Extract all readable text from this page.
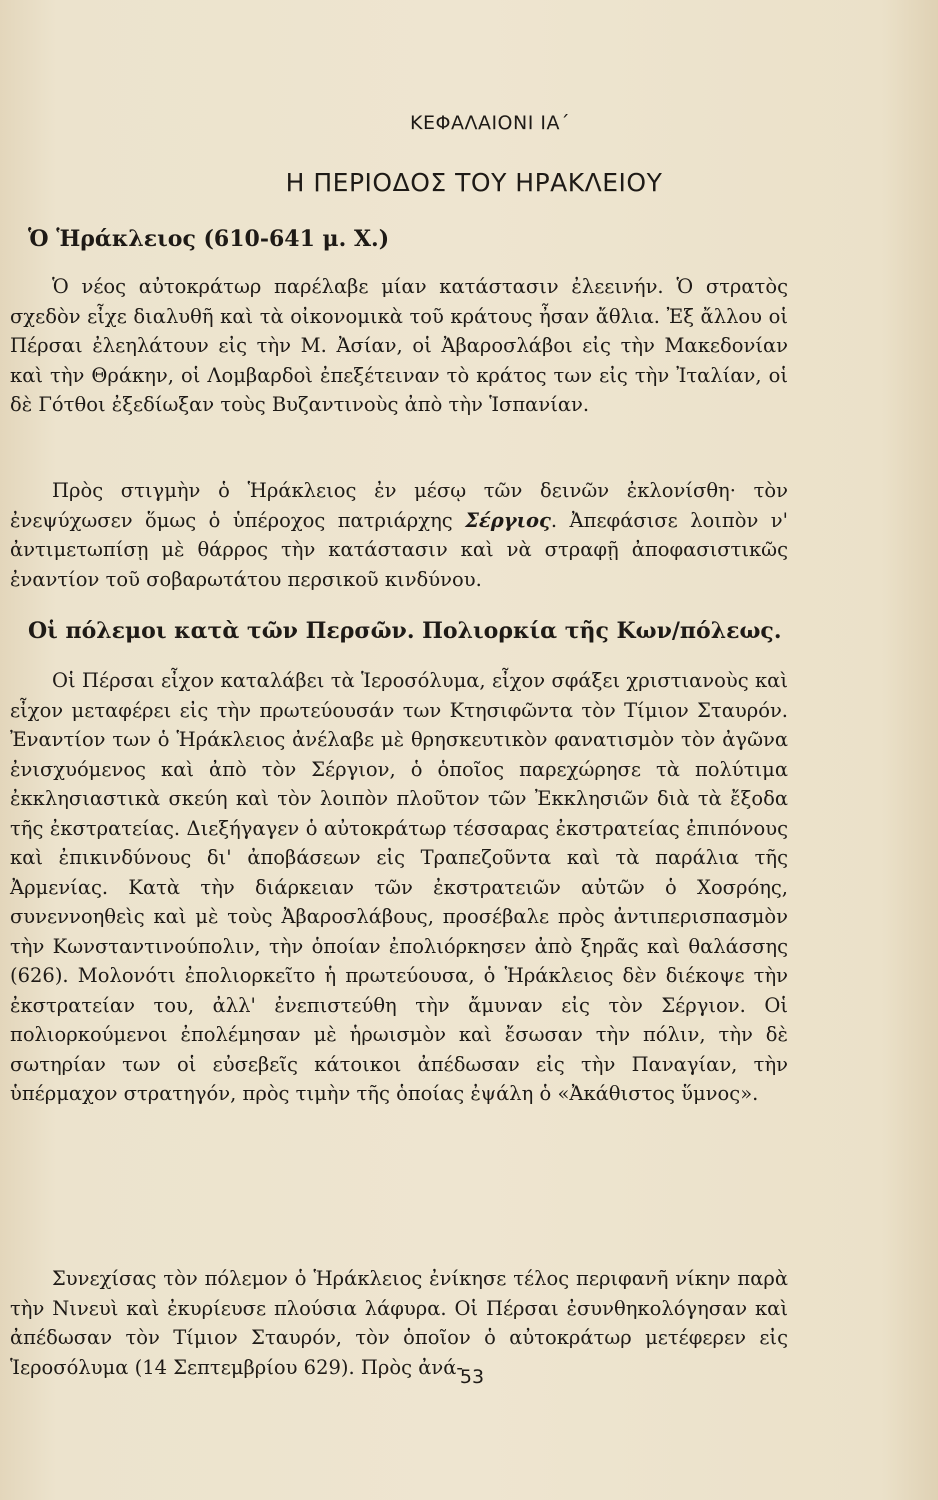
ΚΕΦΑΛΑΙΟΝΙ ΙΑ΄
Η ΠΕΡΙΟΔΟΣ ΤΟΥ ΗΡΑΚΛΕΙΟΥ
Ὁ Ἡράκλειος (610-641 μ. Χ.)

Ὁ νέος αὐτοκράτωρ παρέλαβε μίαν κατάστασιν ἐλεεινήν. Ὁ στρατὸς σχεδὸν εἶχε διαλυθῆ καὶ τὰ οἰκονομικὰ τοῦ κράτους ἦσαν ἄθλια. Ἐξ ἄλλου οἱ Πέρσαι ἐλεηλάτουν εἰς τὴν Μ. Ἀσίαν, οἱ Ἀβαροσλάβοι εἰς τὴν Μακεδονίαν καὶ τὴν Θράκην, οἱ Λομβαρδοὶ ἐπεξέτειναν τὸ κράτος των εἰς τὴν Ἰταλίαν, οἱ δὲ Γότθοι ἐξεδίωξαν τοὺς Βυζαντινοὺς ἀπὸ τὴν Ἱσπανίαν.

Πρὸς στιγμὴν ὁ Ἡράκλειος ἐν μέσῳ τῶν δεινῶν ἐκλονίσθη· τὸν ἐνεψύχωσεν ὅμως ὁ ὑπέροχος πατριάρχης Σέργιος. Ἀπεφάσισε λοιπὸν ν' ἀντιμετωπίσῃ μὲ θάρρος τὴν κατάστασιν καὶ νὰ στραφῇ ἀποφασιστικῶς ἐναντίον τοῦ σοβαρωτάτου περσικοῦ κινδύνου.

Οἱ πόλεμοι κατὰ τῶν Περσῶν. Πολιορκία τῆς Κων/πόλεως.

Οἱ Πέρσαι εἶχον καταλάβει τὰ Ἱεροσόλυμα, εἶχον σφάξει χριστιανοὺς καὶ εἶχον μεταφέρει εἰς τὴν πρωτεύουσάν των Κτησιφῶντα τὸν Τίμιον Σταυρόν. Ἐναντίον των ὁ Ἡράκλειος ἀνέλαβε μὲ θρησκευτικὸν φανατισμὸν τὸν ἀγῶνα ἐνισχυόμενος καὶ ἀπὸ τὸν Σέργιον, ὁ ὁποῖος παρεχώρησε τὰ πολύτιμα ἐκκλησιαστικὰ σκεύη καὶ τὸν λοιπὸν πλοῦτον τῶν Ἐκκλησιῶν διὰ τὰ ἔξοδα τῆς ἐκστρατείας. Διεξήγαγεν ὁ αὐτοκράτωρ τέσσαρας ἐκστρατείας ἐπιπόνους καὶ ἐπικινδύνους δι' ἀποβάσεων εἰς Τραπεζοῦντα καὶ τὰ παράλια τῆς Ἀρμενίας. Κατὰ τὴν διάρκειαν τῶν ἐκστρατειῶν αὐτῶν ὁ Χοσρόης, συνεννοηθεὶς καὶ μὲ τοὺς Ἀβαροσλάβους, προσέβαλε πρὸς ἀντιπερισπασμὸν τὴν Κωνσταντινούπολιν, τὴν ὁποίαν ἐπολιόρκησεν ἀπὸ ξηρᾶς καὶ θαλάσσης (626). Μολονότι ἐπολιορκεῖτο ἡ πρωτεύουσα, ὁ Ἡράκλειος δὲν διέκοψε τὴν ἐκστρατείαν του, ἀλλ' ἐνεπιστεύθη τὴν ἄμυναν εἰς τὸν Σέργιον. Οἱ πολιορκούμενοι ἐπολέμησαν μὲ ἡρωισμὸν καὶ ἔσωσαν τὴν πόλιν, τὴν δὲ σωτηρίαν των οἱ εὐσεβεῖς κάτοικοι ἀπέδωσαν εἰς τὴν Παναγίαν, τὴν ὑπέρμαχον στρατηγόν, πρὸς τιμὴν τῆς ὁποίας ἐψάλη ὁ «Ἀκάθιστος ὕμνος».

Συνεχίσας τὸν πόλεμον ὁ Ἡράκλειος ἐνίκησε τέλος περιφανῆ νίκην παρὰ τὴν Νινευὶ καὶ ἐκυρίευσε πλούσια λάφυρα. Οἱ Πέρσαι ἐσυνθηκολόγησαν καὶ ἀπέδωσαν τὸν Τίμιον Σταυρόν, τὸν ὁποῖον ὁ αὐτοκράτωρ μετέφερεν εἰς Ἱεροσόλυμα (14 Σεπτεμβρίου 629). Πρὸς ἀνά-

53
